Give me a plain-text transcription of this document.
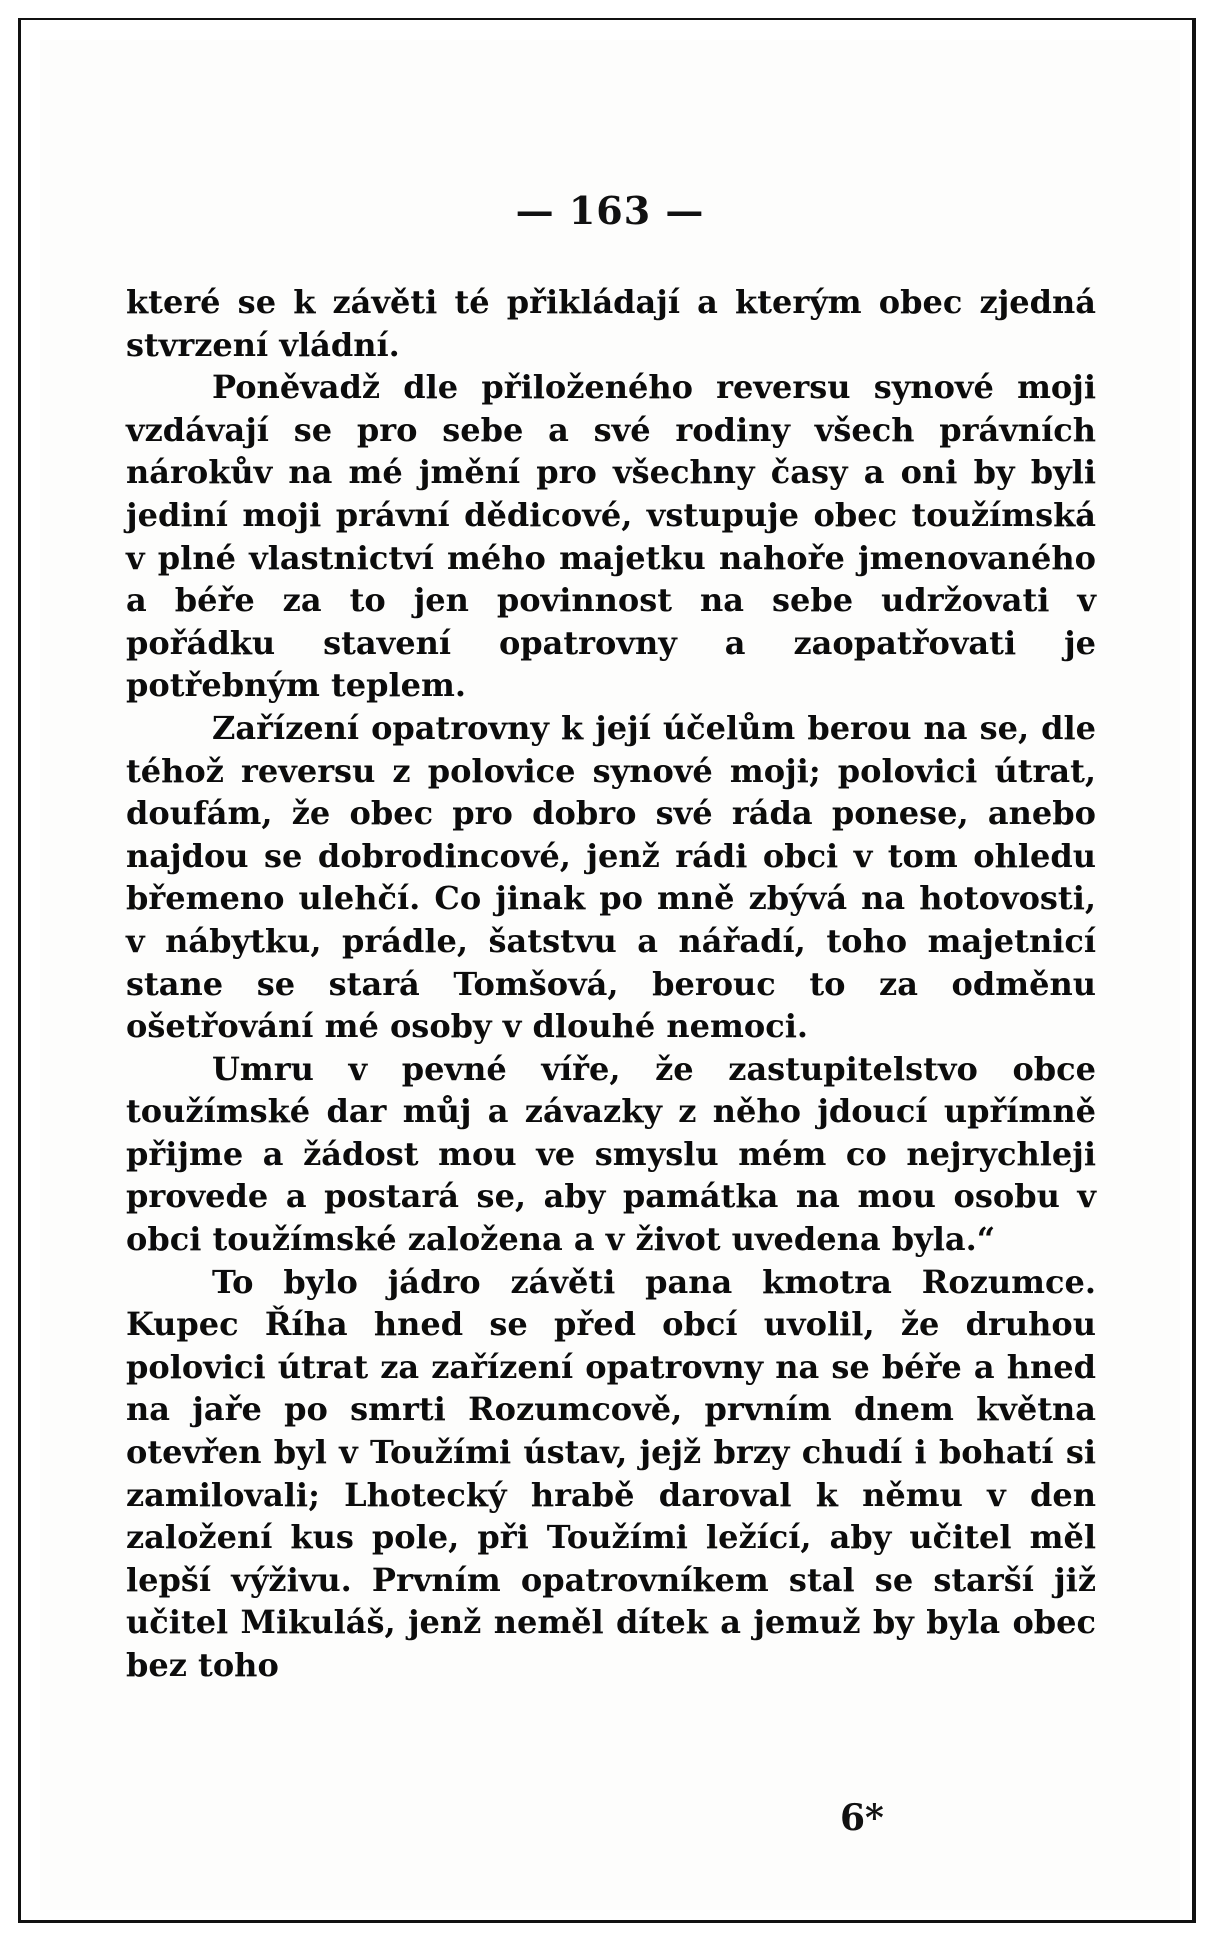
— 163 —

které se k závěti té přikládají a kterým obec zjedná stvrzení vládní.

Poněvadž dle přiloženého reversu synové moji vzdávají se pro sebe a své rodiny všech právních nárokův na mé jmění pro všechny časy a oni by byli jediní moji právní dědicové, vstupuje obec toužímská v plné vlastnictví mého majetku nahoře jmenovaného a béře za to jen povinnost na sebe udržovati v pořádku stavení opatrovny a zaopatřovati je potřebným teplem.

Zařízení opatrovny k její účelům berou na se, dle téhož reversu z polovice synové moji; polovici útrat, doufám, že obec pro dobro své ráda ponese, anebo najdou se dobrodincové, jenž rádi obci v tom ohledu břemeno ulehčí. Co jinak po mně zbývá na hotovosti, v nábytku, prádle, šatstvu a nářadí, toho majetnicí stane se stará Tomšová, berouc to za odměnu ošetřování mé osoby v dlouhé nemoci.

Umru v pevné víře, že zastupitelstvo obce toužímské dar můj a závazky z něho jdoucí upřímně přijme a žádost mou ve smyslu mém co nejrychleji provede a postará se, aby památka na mou osobu v obci toužímské založena a v život uvedena byla.“

To bylo jádro závěti pana kmotra Rozumce. Kupec Říha hned se před obcí uvolil, že druhou polovici útrat za zařízení opatrovny na se béře a hned na jaře po smrti Rozumcově, prvním dnem května otevřen byl v Toužími ústav, jejž brzy chudí i bohatí si zamilovali; Lhotecký hrabě daroval k němu v den založení kus pole, při Toužími ležící, aby učitel měl lepší výživu. Prvním opatrovníkem stal se starší již učitel Mikuláš, jenž neměl dítek a jemuž by byla obec bez toho

6*
